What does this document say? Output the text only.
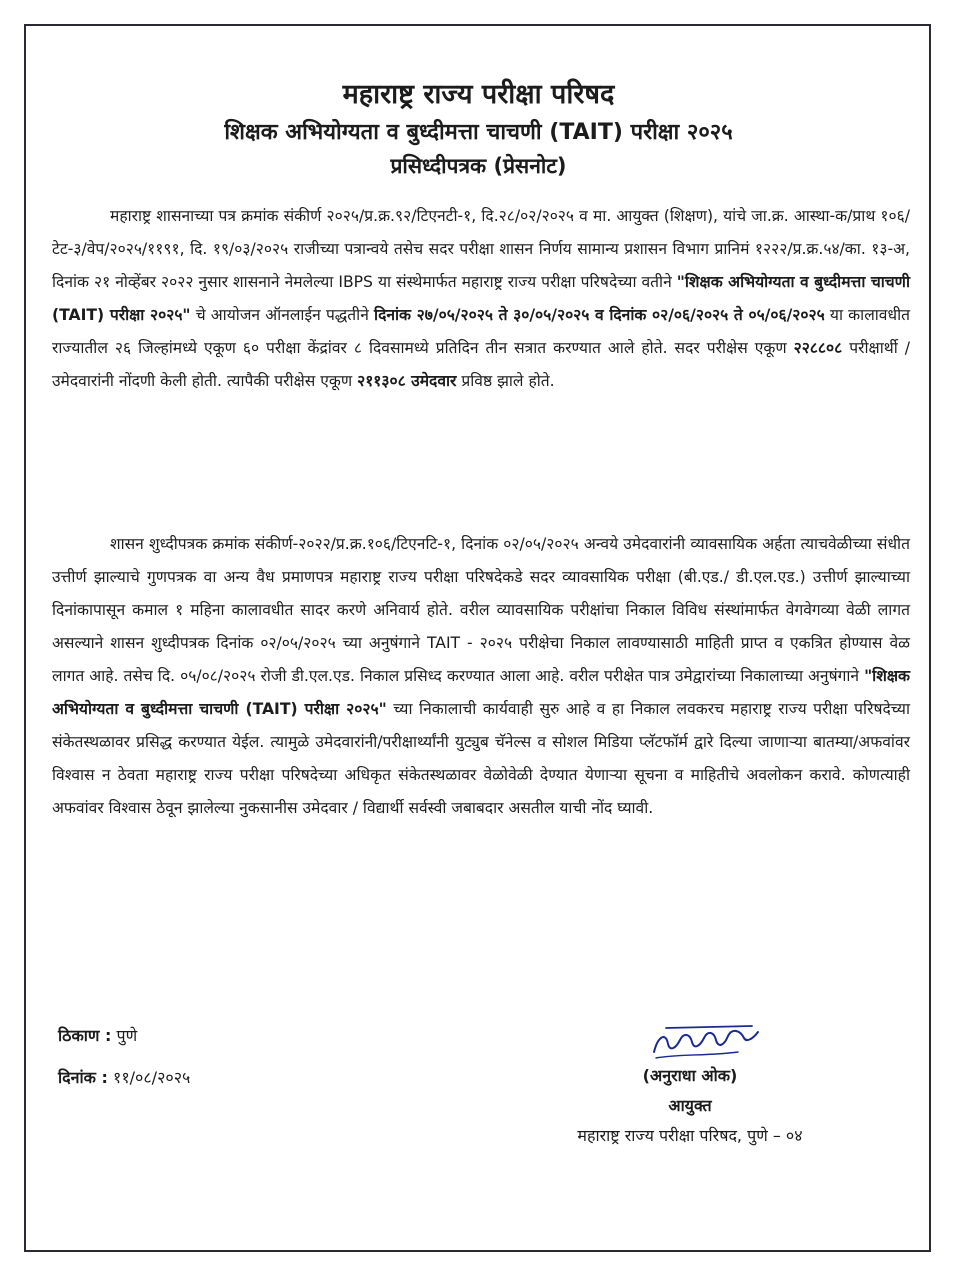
महाराष्ट्र राज्य परीक्षा परिषद
शिक्षक अभियोग्यता व बुध्दीमत्ता चाचणी (TAIT) परीक्षा २०२५
प्रसिध्दीपत्रक (प्रेसनोट)

महाराष्ट्र शासनाच्या पत्र क्रमांक संकीर्ण २०२५/प्र.क्र.९२/टिएनटी-१, दि.२८/०२/२०२५ व मा. आयुक्त (शिक्षण), यांचे जा.क्र. आस्था-क/प्राथ १०६/टेट-३/वेप/२०२५/११९१, दि. १९/०३/२०२५ राजीच्या पत्रान्वये तसेच सदर परीक्षा शासन निर्णय सामान्य प्रशासन विभाग प्रानिमं १२२२/प्र.क्र.५४/का. १३-अ, दिनांक २१ नोव्हेंबर २०२२ नुसार शासनाने नेमलेल्या IBPS या संस्थेमार्फत महाराष्ट्र राज्य परीक्षा परिषदेच्या वतीने "शिक्षक अभियोग्यता व बुध्दीमत्ता चाचणी (TAIT) परीक्षा २०२५" चे आयोजन ऑनलाईन पद्धतीने दिनांक २७/०५/२०२५ ते ३०/०५/२०२५ व दिनांक ०२/०६/२०२५ ते ०५/०६/२०२५ या कालावधीत राज्यातील २६ जिल्हांमध्ये एकूण ६० परीक्षा केंद्रांवर ८ दिवसामध्ये प्रतिदिन तीन सत्रात करण्यात आले होते. सदर परीक्षेस एकूण २२८८०८ परीक्षार्थी / उमेदवारांनी नोंदणी केली होती. त्यापैकी परीक्षेस एकूण २११३०८ उमेदवार प्रविष्ठ झाले होते.

शासन शुध्दीपत्रक क्रमांक संकीर्ण-२०२२/प्र.क्र.१०६/टिएनटि-१, दिनांक ०२/०५/२०२५ अन्वये उमेदवारांनी व्यावसायिक अर्हता त्याचवेळीच्या संधीत उत्तीर्ण झाल्याचे गुणपत्रक वा अन्य वैध प्रमाणपत्र महाराष्ट्र राज्य परीक्षा परिषदेकडे सदर व्यावसायिक परीक्षा (बी.एड./ डी.एल.एड.) उत्तीर्ण झाल्याच्या दिनांकापासून कमाल १ महिना कालावधीत सादर करणे अनिवार्य होते. वरील व्यावसायिक परीक्षांचा निकाल विविध संस्थांमार्फत वेगवेगव्या वेळी लागत असल्याने शासन शुध्दीपत्रक दिनांक ०२/०५/२०२५ च्या अनुषंगाने TAIT - २०२५ परीक्षेचा निकाल लावण्यासाठी माहिती प्राप्त व एकत्रित होण्यास वेळ लागत आहे. तसेच दि. ०५/०८/२०२५ रोजी डी.एल.एड. निकाल प्रसिध्द करण्यात आला आहे. वरील परीक्षेत पात्र उमेद्वारांच्या निकालाच्या अनुषंगाने "शिक्षक अभियोग्यता व बुध्दीमत्ता चाचणी (TAIT) परीक्षा २०२५" च्या निकालाची कार्यवाही सुरु आहे व हा निकाल लवकरच महाराष्ट्र राज्य परीक्षा परिषदेच्या संकेतस्थळावर प्रसिद्ध करण्यात येईल. त्यामुळे उमेदवारांनी/परीक्षार्थ्यांनी युट्युब चॅनेल्स व सोशल मिडिया प्लॅटफॉर्म द्वारे दिल्या जाणाऱ्या बातम्या/अफवांवर विश्वास न ठेवता महाराष्ट्र राज्य परीक्षा परिषदेच्या अधिकृत संकेतस्थळावर वेळोवेळी देण्यात येणाऱ्या सूचना व माहितीचे अवलोकन करावे. कोणत्याही अफवांवर विश्वास ठेवून झालेल्या नुकसानीस उमेदवार / विद्यार्थी सर्वस्वी जबाबदार असतील याची नोंद घ्यावी.

ठिकाण : पुणे
दिनांक : ११/०८/२०२५	(अनुराधा ओक)
आयुक्त
महाराष्ट्र राज्य परीक्षा परिषद, पुणे – ०४
